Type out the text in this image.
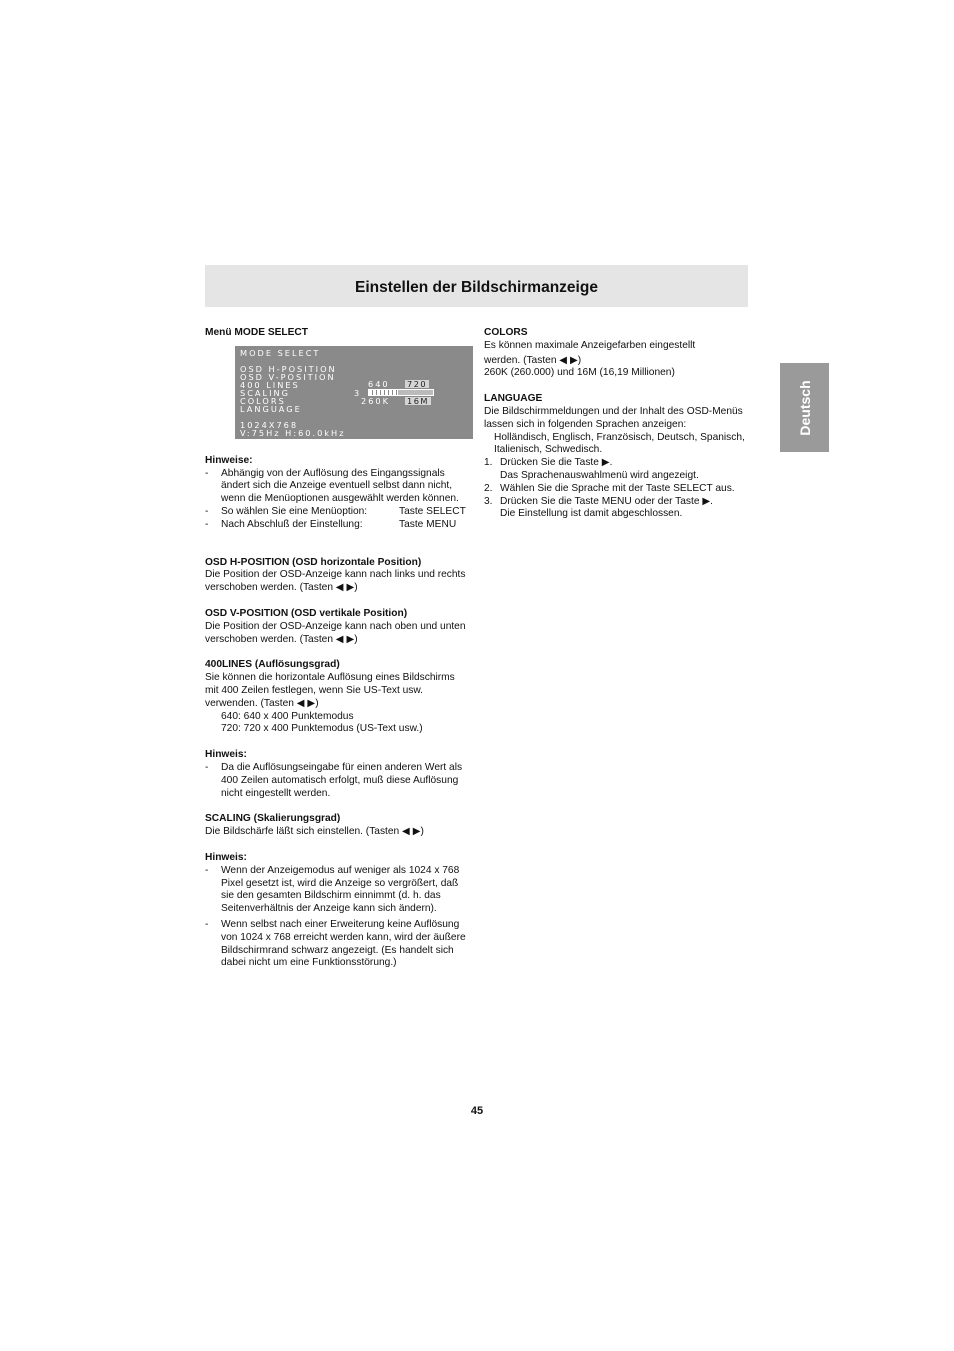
Einstellen der Bildschirmanzeige
Deutsch

Menü MODE SELECT

MODE SELECT
OSD H-POSITION
OSD V-POSITION
400 LINES
SCALING
COLORS
LANGUAGE
640 720
3
260K 16M
1024X768
V:75Hz H:60.0kHz

Hinweise:

- Abhängig von der Auflösung des Eingangssignals ändert sich die Anzeige eventuell selbst dann nicht, wenn die Menüoptionen ausgewählt werden können.
- So wählen Sie eine Menüoption:	Taste SELECT
- Nach Abschluß der Einstellung:	Taste MENU

OSD H-POSITION (OSD horizontale Position)

Die Position der OSD-Anzeige kann nach links und rechts verschoben werden. (Tasten ◀ ▶)

OSD V-POSITION (OSD vertikale Position)

Die Position der OSD-Anzeige kann nach oben und unten verschoben werden. (Tasten ◀ ▶)

400LINES (Auflösungsgrad)

Sie können die horizontale Auflösung eines Bildschirms mit 400 Zeilen festlegen, wenn Sie US-Text usw. verwenden. (Tasten ◀ ▶)

640: 640 x 400 Punktemodus

720: 720 x 400 Punktemodus (US-Text usw.)

Hinweis:

- Da die Auflösungseingabe für einen anderen Wert als 400 Zeilen automatisch erfolgt, muß diese Auflösung nicht eingestellt werden.

SCALING (Skalierungsgrad)

Die Bildschärfe läßt sich einstellen. (Tasten ◀ ▶)

Hinweis:

- Wenn der Anzeigemodus auf weniger als 1024 x 768 Pixel gesetzt ist, wird die Anzeige so vergrößert, daß sie den gesamten Bildschirm einnimmt (d. h. das Seitenverhältnis der Anzeige kann sich ändern).
- Wenn selbst nach einer Erweiterung keine Auflösung von 1024 x 768 erreicht werden kann, wird der äußere Bildschirmrand schwarz angezeigt. (Es handelt sich dabei nicht um eine Funktionsstörung.)

COLORS

Es können maximale Anzeigefarben eingestellt

werden. (Tasten ◀ ▶)

260K (260.000) und 16M (16,19 Millionen)

LANGUAGE

Die Bildschirmmeldungen und der Inhalt des OSD-Menüs lassen sich in folgenden Sprachen anzeigen:

Holländisch, Englisch, Französisch, Deutsch, Spanisch, Italienisch, Schwedisch.

1. Drücken Sie die Taste ▶.
Das Sprachenauswahlmenü wird angezeigt.
2. Wählen Sie die Sprache mit der Taste SELECT aus.
3. Drücken Sie die Taste MENU oder der Taste ▶.
Die Einstellung ist damit abgeschlossen.
45
